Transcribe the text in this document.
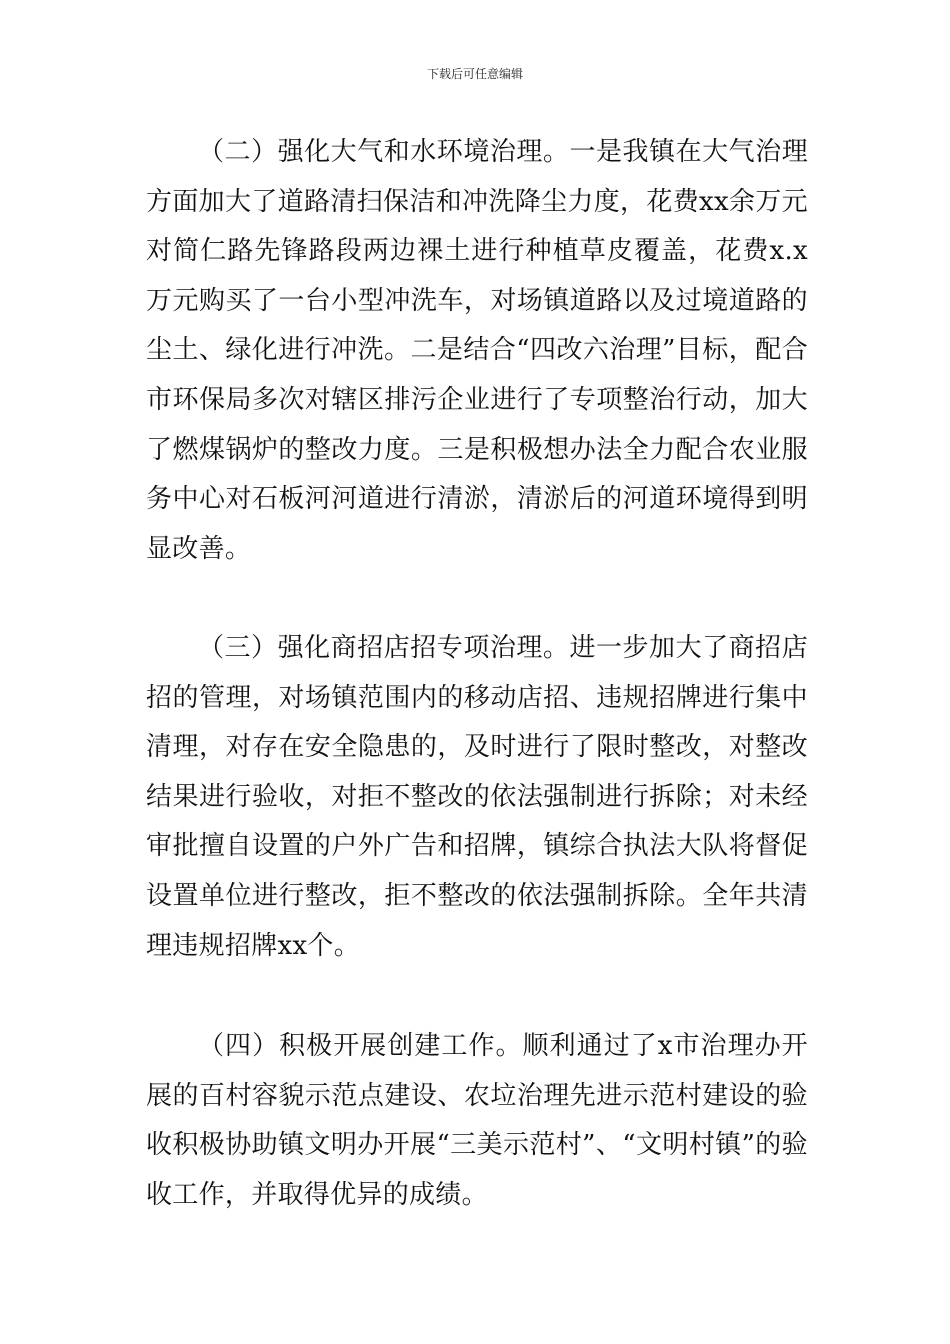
下载后可任意编辑

（二）强化大气和水环境治理。一是我镇在大气治理方面加大了道路清扫保洁和冲洗降尘力度，花费xx余万元对简仁路先锋路段两边裸土进行种植草皮覆盖，花费x.x万元购买了一台小型冲洗车，对场镇道路以及过境道路的尘土、绿化进行冲洗。二是结合“四改六治理”目标，配合市环保局多次对辖区排污企业进行了专项整治行动，加大了燃煤锅炉的整改力度。三是积极想办法全力配合农业服务中心对石板河河道进行清淤，清淤后的河道环境得到明显改善。

（三）强化商招店招专项治理。进一步加大了商招店招的管理，对场镇范围内的移动店招、违规招牌进行集中清理，对存在安全隐患的，及时进行了限时整改，对整改结果进行验收，对拒不整改的依法强制进行拆除；对未经审批擅自设置的户外广告和招牌，镇综合执法大队将督促设置单位进行整改，拒不整改的依法强制拆除。全年共清理违规招牌xx个。

（四）积极开展创建工作。顺利通过了x市治理办开展的百村容貌示范点建设、农垃治理先进示范村建设的验收积极协助镇文明办开展“三美示范村”、“文明村镇”的验收工作，并取得优异的成绩。
